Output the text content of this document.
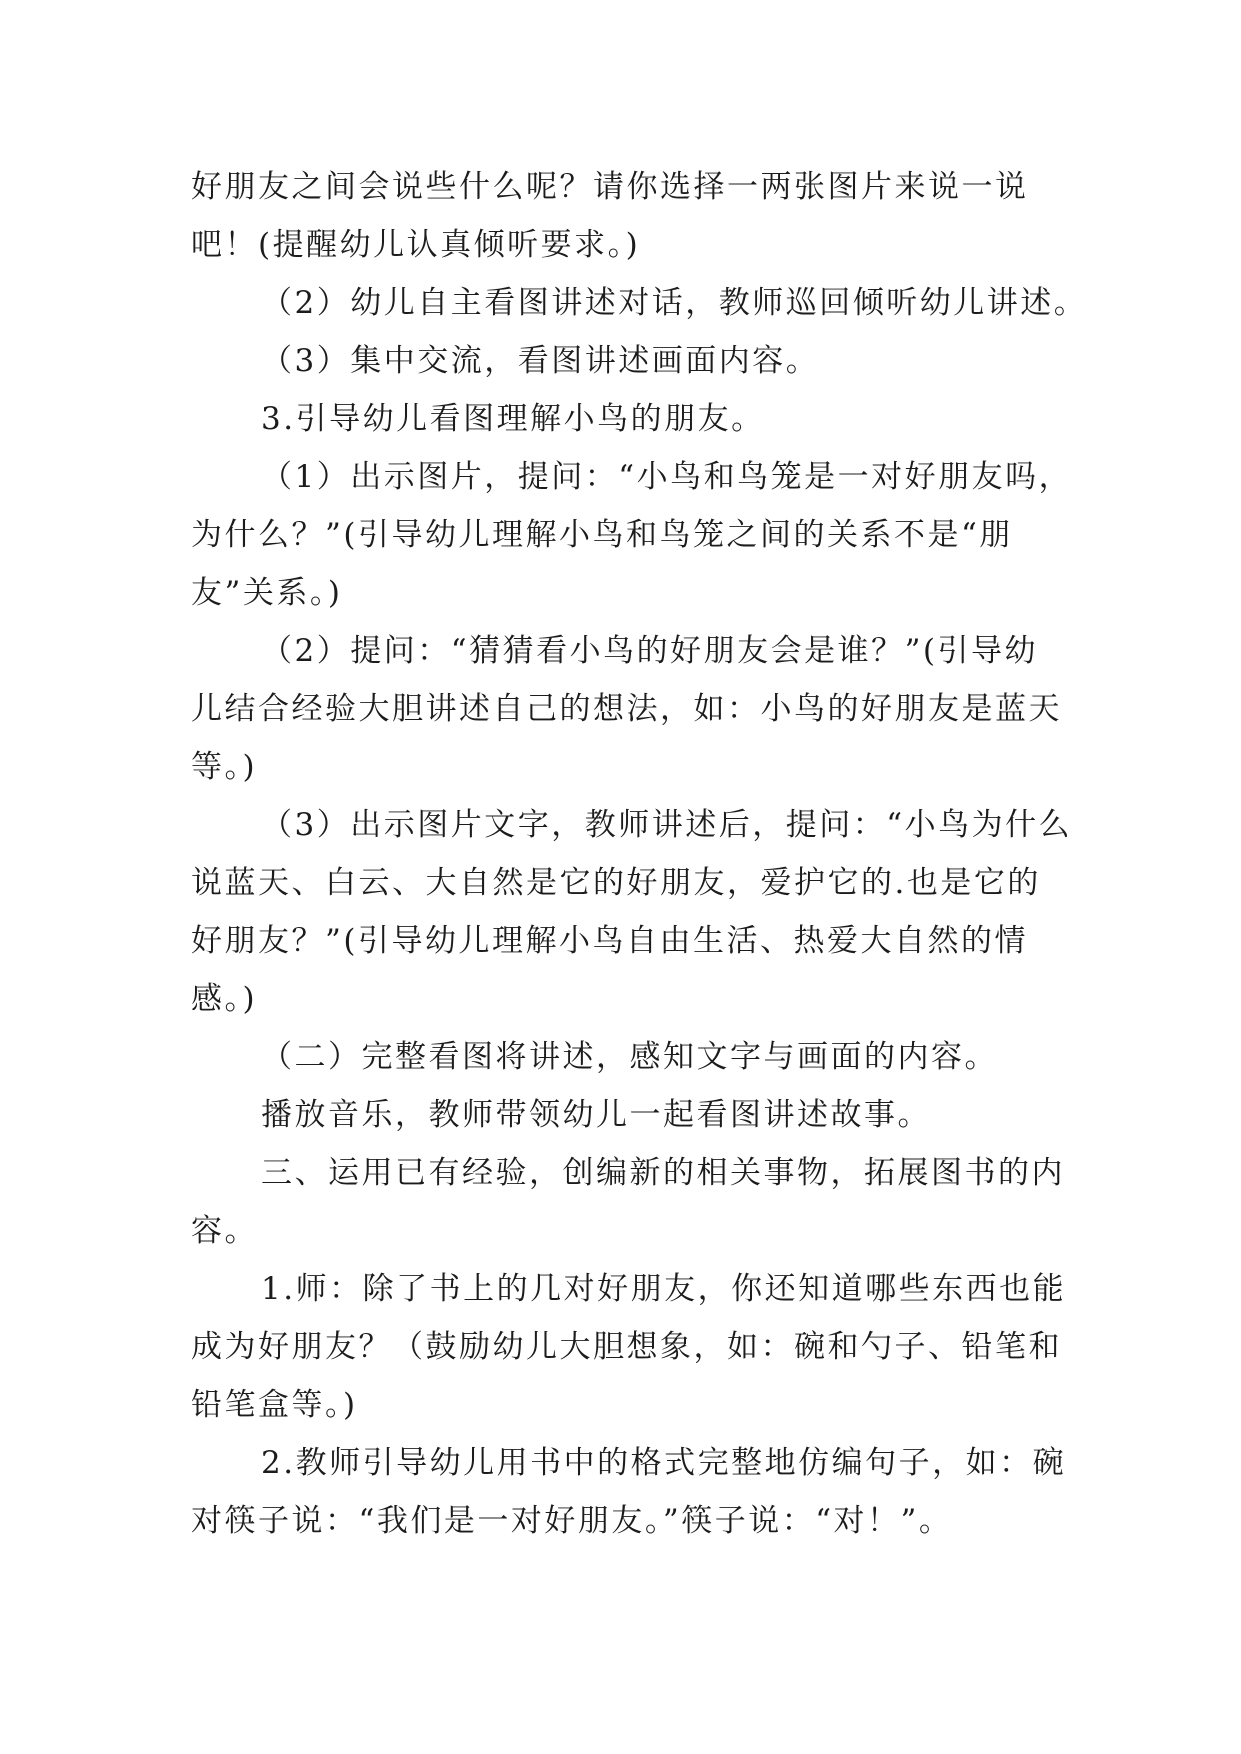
好朋友之间会说些什么呢？请你选择一两张图片来说一说
吧！(提醒幼儿认真倾听要求。)
（2）幼儿自主看图讲述对话，教师巡回倾听幼儿讲述。
（3）集中交流，看图讲述画面内容。
3.引导幼儿看图理解小鸟的朋友。
（1）出示图片，提问：“小鸟和鸟笼是一对好朋友吗，
为什么？”(引导幼儿理解小鸟和鸟笼之间的关系不是“朋
友”关系。)
（2）提问：“猜猜看小鸟的好朋友会是谁？”(引导幼
儿结合经验大胆讲述自己的想法，如：小鸟的好朋友是蓝天
等。)
（3）出示图片文字，教师讲述后，提问：“小鸟为什么
说蓝天、白云、大自然是它的好朋友，爱护它的.也是它的
好朋友？”(引导幼儿理解小鸟自由生活、热爱大自然的情
感。)
（二）完整看图将讲述，感知文字与画面的内容。
播放音乐，教师带领幼儿一起看图讲述故事。
三、运用已有经验，创编新的相关事物，拓展图书的内
容。
1.师：除了书上的几对好朋友，你还知道哪些东西也能
成为好朋友？（鼓励幼儿大胆想象，如：碗和勺子、铅笔和
铅笔盒等。)
2.教师引导幼儿用书中的格式完整地仿编句子，如：碗
对筷子说：“我们是一对好朋友。”筷子说：“对！”。
